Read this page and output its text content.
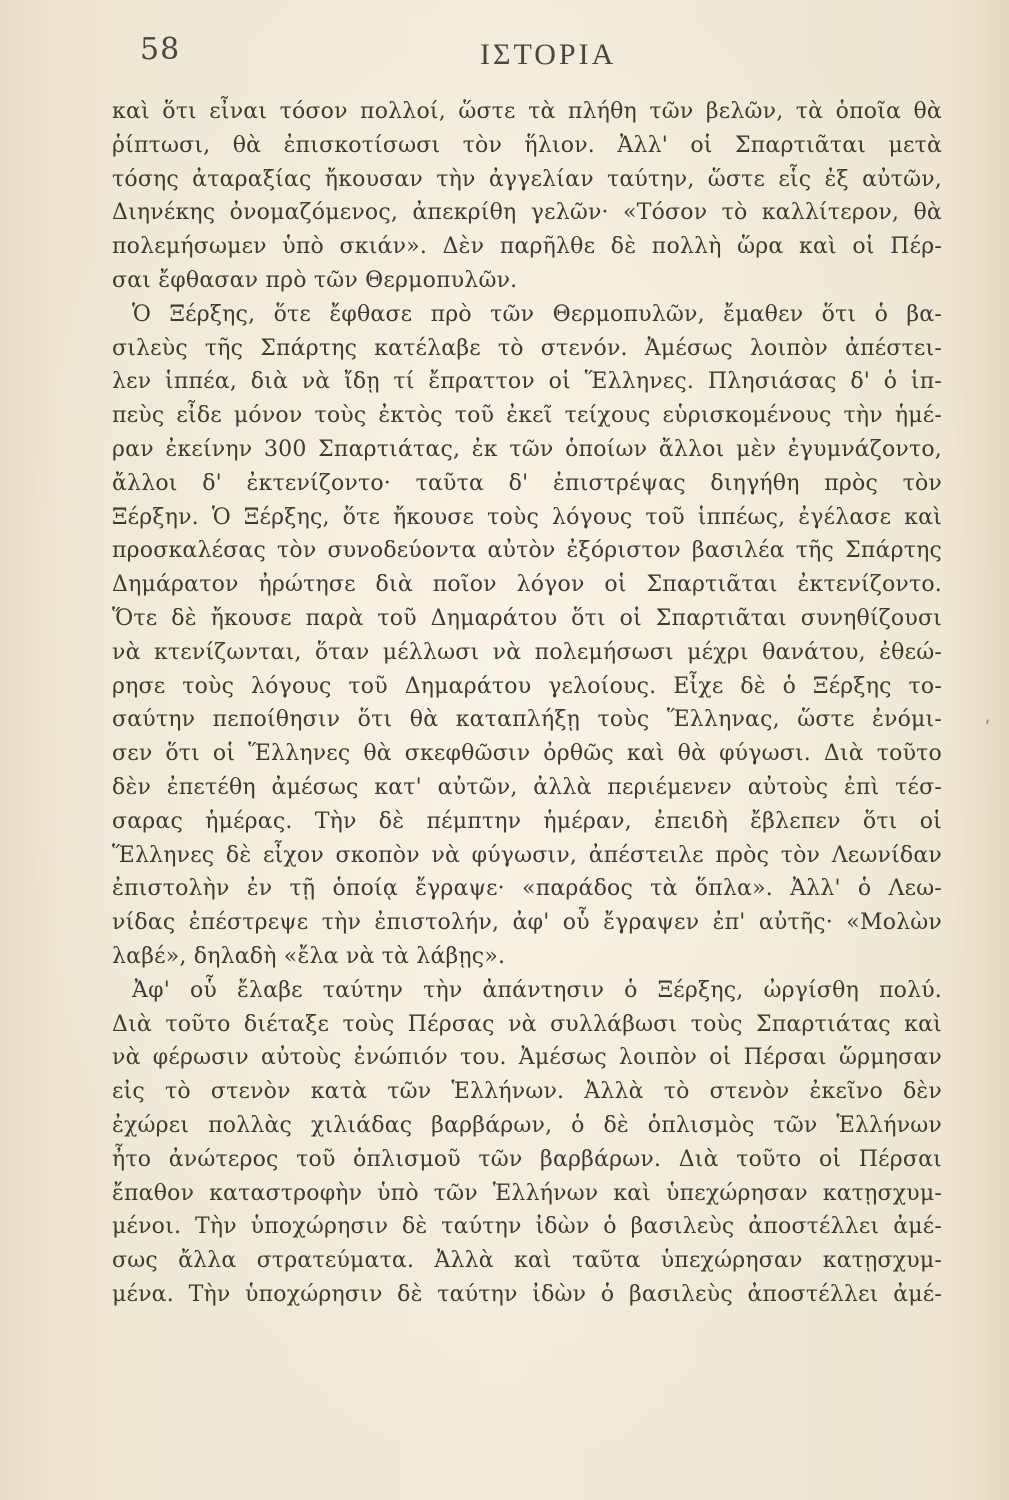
58	ΙΣΤΟΡΙΑ
καὶ ὅτι εἶναι τόσον πολλοί, ὥστε τὰ πλήθη τῶν βελῶν, τὰ ὁποῖα θὰ
ῥίπτωσι, θὰ ἐπισκοτίσωσι τὸν ἥλιον. Ἀλλ' οἱ Σπαρτιᾶται μετὰ
τόσης ἀταραξίας ἤκουσαν τὴν ἀγγελίαν ταύτην, ὥστε εἷς ἐξ αὐτῶν,
Διηνέκης ὀνομαζόμενος, ἀπεκρίθη γελῶν· «Τόσον τὸ καλλίτερον, θὰ
πολεμήσωμεν ὑπὸ σκιάν». Δὲν παρῆλθε δὲ πολλὴ ὥρα καὶ οἱ Πέρ-
σαι ἔφθασαν πρὸ τῶν Θερμοπυλῶν.
Ὁ Ξέρξης, ὅτε ἔφθασε πρὸ τῶν Θερμοπυλῶν, ἔμαθεν ὅτι ὁ βα-
σιλεὺς τῆς Σπάρτης κατέλαβε τὸ στενόν. Ἀμέσως λοιπὸν ἀπέστει-
λεν ἱππέα, διὰ νὰ ἴδῃ τί ἔπραττον οἱ Ἕλληνες. Πλησιάσας δ' ὁ ἱπ-
πεὺς εἶδε μόνον τοὺς ἐκτὸς τοῦ ἐκεῖ τείχους εὑρισκομένους τὴν ἡμέ-
ραν ἐκείνην 300 Σπαρτιάτας, ἐκ τῶν ὁποίων ἄλλοι μὲν ἐγυμνάζοντο,
ἄλλοι δ' ἐκτενίζοντο· ταῦτα δ' ἐπιστρέψας διηγήθη πρὸς τὸν
Ξέρξην. Ὁ Ξέρξης, ὅτε ἤκουσε τοὺς λόγους τοῦ ἱππέως, ἐγέλασε καὶ
προσκαλέσας τὸν συνοδεύοντα αὐτὸν ἐξόριστον βασιλέα τῆς Σπάρτης
Δημάρατον ἠρώτησε διὰ ποῖον λόγον οἱ Σπαρτιᾶται ἐκτενίζοντο.
Ὅτε δὲ ἤκουσε παρὰ τοῦ Δημαράτου ὅτι οἱ Σπαρτιᾶται συνηθίζουσι
νὰ κτενίζωνται, ὅταν μέλλωσι νὰ πολεμήσωσι μέχρι θανάτου, ἐθεώ-
ρησε τοὺς λόγους τοῦ Δημαράτου γελοίους. Εἶχε δὲ ὁ Ξέρξης το-
σαύτην πεποίθησιν ὅτι θὰ καταπλήξῃ τοὺς Ἕλληνας, ὥστε ἐνόμι-
σεν ὅτι οἱ Ἕλληνες θὰ σκεφθῶσιν ὀρθῶς καὶ θὰ φύγωσι. Διὰ τοῦτο
δὲν ἐπετέθη ἀμέσως κατ' αὐτῶν, ἀλλὰ περιέμενεν αὐτοὺς ἐπὶ τέσ-
σαρας ἡμέρας. Τὴν δὲ πέμπτην ἡμέραν, ἐπειδὴ ἔβλεπεν ὅτι οἱ
Ἕλληνες δὲ εἶχον σκοπὸν νὰ φύγωσιν, ἀπέστειλε πρὸς τὸν Λεωνίδαν
ἐπιστολὴν ἐν τῇ ὁποίᾳ ἔγραψε· «παράδος τὰ ὅπλα». Ἀλλ' ὁ Λεω-
νίδας ἐπέστρεψε τὴν ἐπιστολήν, ἀφ' οὗ ἔγραψεν ἐπ' αὐτῆς· «Μολὼν
λαβέ», δηλαδὴ «ἔλα νὰ τὰ λάβῃς».
Ἀφ' οὗ ἔλαβε ταύτην τὴν ἀπάντησιν ὁ Ξέρξης, ὠργίσθη πολύ.
Διὰ τοῦτο διέταξε τοὺς Πέρσας νὰ συλλάβωσι τοὺς Σπαρτιάτας καὶ
νὰ φέρωσιν αὐτοὺς ἐνώπιόν του. Ἀμέσως λοιπὸν οἱ Πέρσαι ὥρμησαν
εἰς τὸ στενὸν κατὰ τῶν Ἑλλήνων. Ἀλλὰ τὸ στενὸν ἐκεῖνο δὲν
ἐχώρει πολλὰς χιλιάδας βαρβάρων, ὁ δὲ ὁπλισμὸς τῶν Ἑλλήνων
ἦτο ἀνώτερος τοῦ ὁπλισμοῦ τῶν βαρβάρων. Διὰ τοῦτο οἱ Πέρσαι
ἔπαθον καταστροφὴν ὑπὸ τῶν Ἑλλήνων καὶ ὑπεχώρησαν κατῃσχυμ-
μένοι. Τὴν ὑποχώρησιν δὲ ταύτην ἰδὼν ὁ βασιλεὺς ἀποστέλλει ἀμέ-
σως ἄλλα στρατεύματα. Ἀλλὰ καὶ ταῦτα ὑπεχώρησαν κατῃσχυμ-
μένα. Τὴν ὑποχώρησιν δὲ ταύτην ἰδὼν ὁ βασιλεὺς ἀποστέλλει ἀμέ-
ʹ
